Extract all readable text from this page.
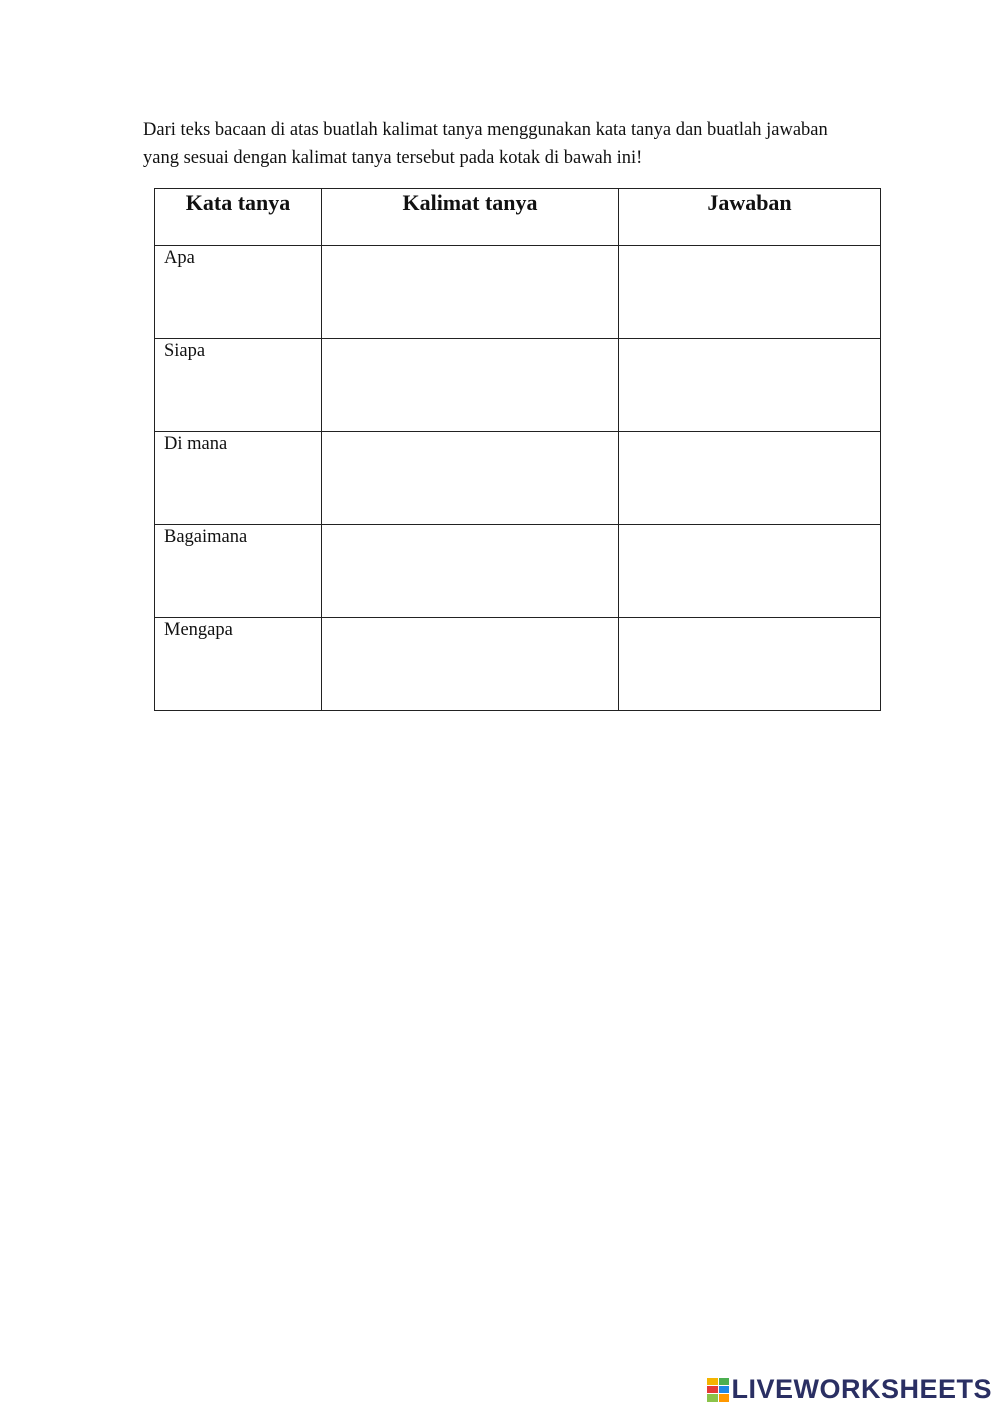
Dari teks bacaan di atas buatlah kalimat tanya menggunakan kata tanya dan buatlah jawaban
yang sesuai dengan kalimat tanya tersebut pada kotak di bawah ini!

Kata tanya	Kalimat tanya	Jawaban
Apa		
Siapa		
Di mana		
Bagaimana		
Mengapa		
LIVEWORKSHEETS
